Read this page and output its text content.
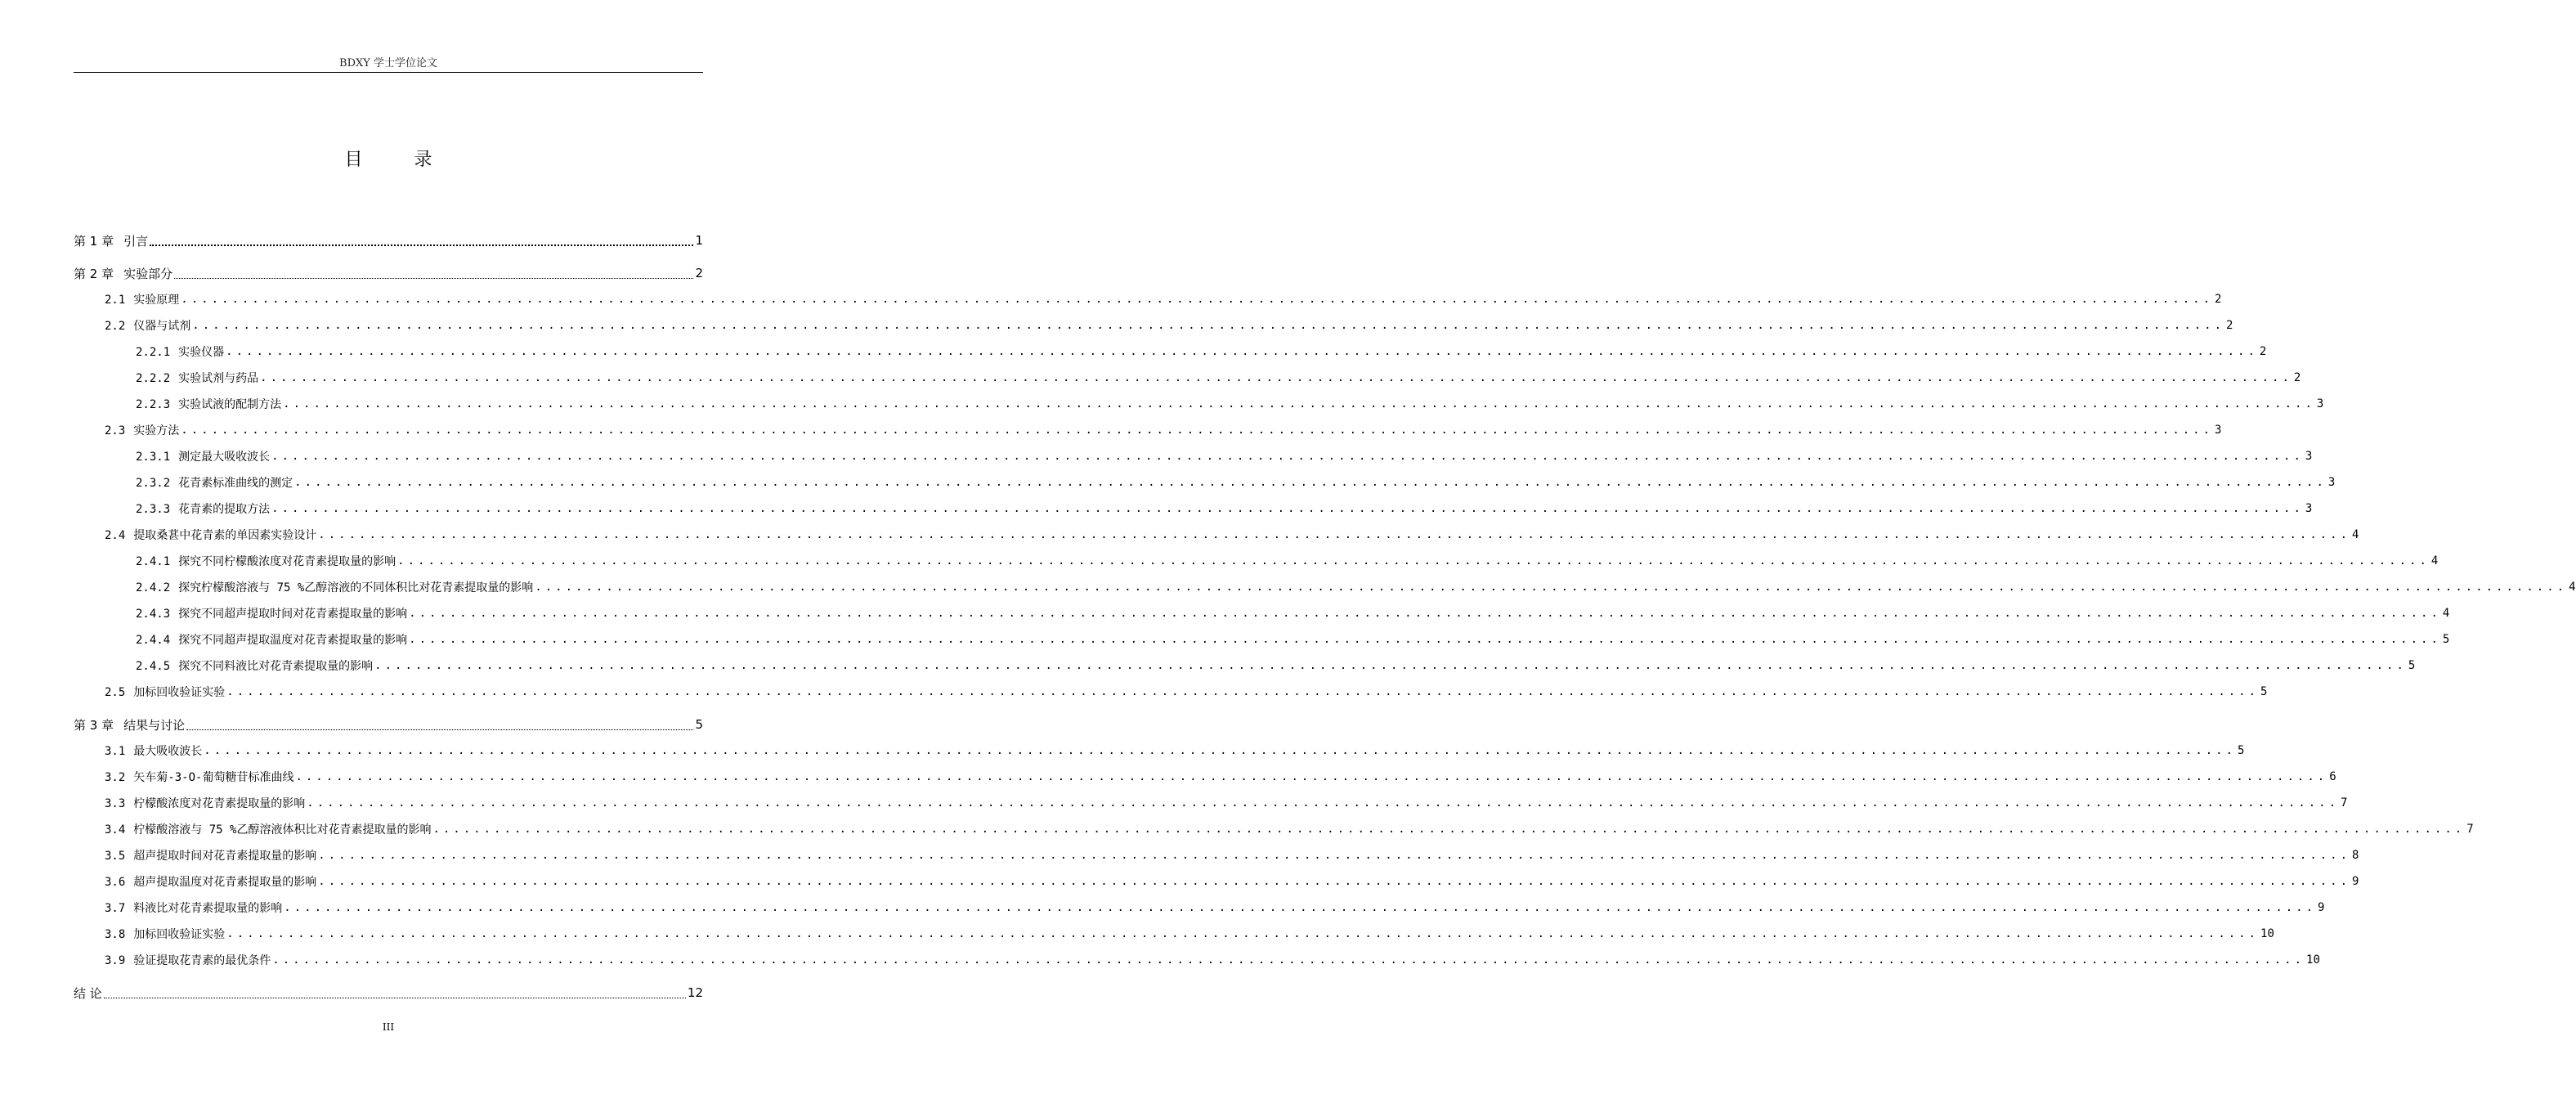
BDXY 学士学位论文
目 录
第 1 章 引言	1
第 2 章 实验部分	2
2.1 实验原理 ........................................................................................................................................................................................................ 2
2.2 仪器与试剂 ........................................................................................................................................................................................................ 2
2.2.1 实验仪器 ........................................................................................................................................................................................................ 2
2.2.2 实验试剂与药品 ........................................................................................................................................................................................................ 2
2.2.3 实验试液的配制方法 ........................................................................................................................................................................................................ 3
2.3 实验方法 ........................................................................................................................................................................................................ 3
2.3.1 测定最大吸收波长 ........................................................................................................................................................................................................ 3
2.3.2 花青素标准曲线的测定 ........................................................................................................................................................................................................ 3
2.3.3 花青素的提取方法 ........................................................................................................................................................................................................ 3
2.4 提取桑葚中花青素的单因素实验设计 ........................................................................................................................................................................................................ 4
2.4.1 探究不同柠檬酸浓度对花青素提取量的影响 ........................................................................................................................................................................................................ 4
2.4.2 探究柠檬酸溶液与 75 %乙醇溶液的不同体积比对花青素提取量的影响 ........................................................................................................................................................................................................ 4
2.4.3 探究不同超声提取时间对花青素提取量的影响 ........................................................................................................................................................................................................ 4
2.4.4 探究不同超声提取温度对花青素提取量的影响 ........................................................................................................................................................................................................ 5
2.4.5 探究不同料液比对花青素提取量的影响 ........................................................................................................................................................................................................ 5
2.5 加标回收验证实验 ........................................................................................................................................................................................................ 5
第 3 章 结果与讨论	5
3.1 最大吸收波长 ........................................................................................................................................................................................................ 5
3.2 矢车菊-3-O-葡萄糖苷标准曲线 ........................................................................................................................................................................................................ 6
3.3 柠檬酸浓度对花青素提取量的影响 ........................................................................................................................................................................................................ 7
3.4 柠檬酸溶液与 75 %乙醇溶液体积比对花青素提取量的影响 ........................................................................................................................................................................................................ 7
3.5 超声提取时间对花青素提取量的影响 ........................................................................................................................................................................................................ 8
3.6 超声提取温度对花青素提取量的影响 ........................................................................................................................................................................................................ 9
3.7 料液比对花青素提取量的影响 ........................................................................................................................................................................................................ 9
3.8 加标回收验证实验 ........................................................................................................................................................................................................ 10
3.9 验证提取花青素的最优条件 ........................................................................................................................................................................................................ 10
结 论	12
III
